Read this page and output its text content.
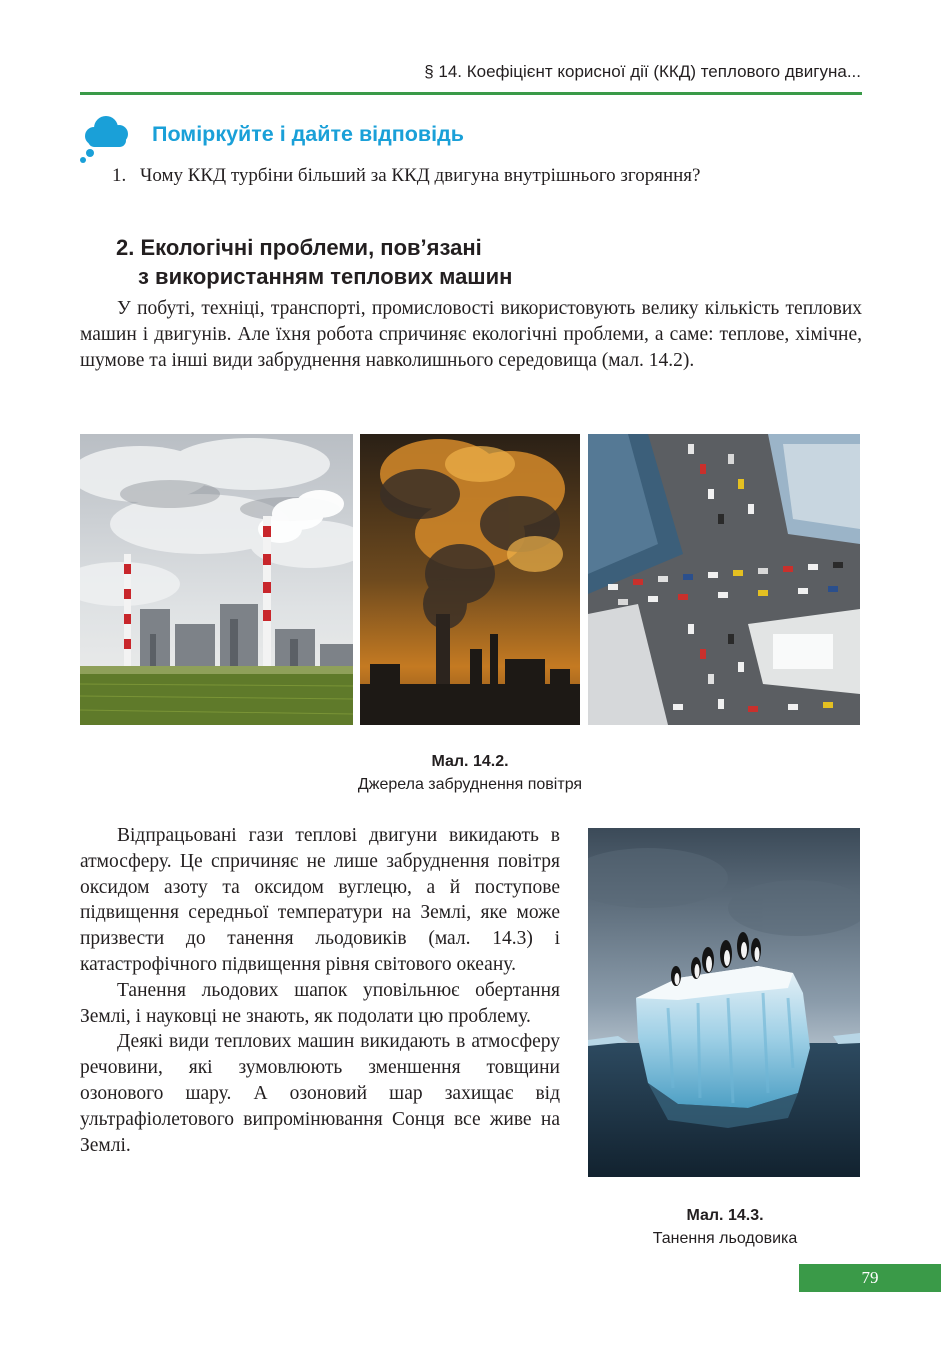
§ 14. Коефіцієнт корисної дії (ККД) теплового двигуна...
Поміркуйте і дайте відповідь
1. Чому ККД турбіни більший за ККД двигуна внутрішнього згоряння?
2. Екологічні проблеми, пов’язані
з використанням теплових машин

У побуті, техніці, транспорті, промисловості використовують велику кількість теплових машин і двигунів. Але їхня робота спричиняє екологічні проблеми, а саме: теплове, хімічне, шумове та інші види забруднення навколишнього середовища (мал. 14.2).

Мал. 14.2.
Джерела забруднення повітря

Відпрацьовані гази теплові двигуни викидають в атмосферу. Це спричиняє не лише забруднення повітря оксидом азоту та оксидом вуглецю, а й поступове підвищення середньої температури на Землі, яке може призвести до танення льодовиків (мал. 14.3) і катастрофічного підвищення рівня світового океану.

Танення льодових шапок уповільнює обертання Землі, і науковці не знають, як подолати цю проблему.

Деякі види теплових машин викидають в атмосферу речовини, які зумовлюють зменшення товщини озонового шару. А озоновий шар захищає від ультрафіолетового випромінювання Сонця все живе на Землі.

Мал. 14.3.
Танення льодовика
79
